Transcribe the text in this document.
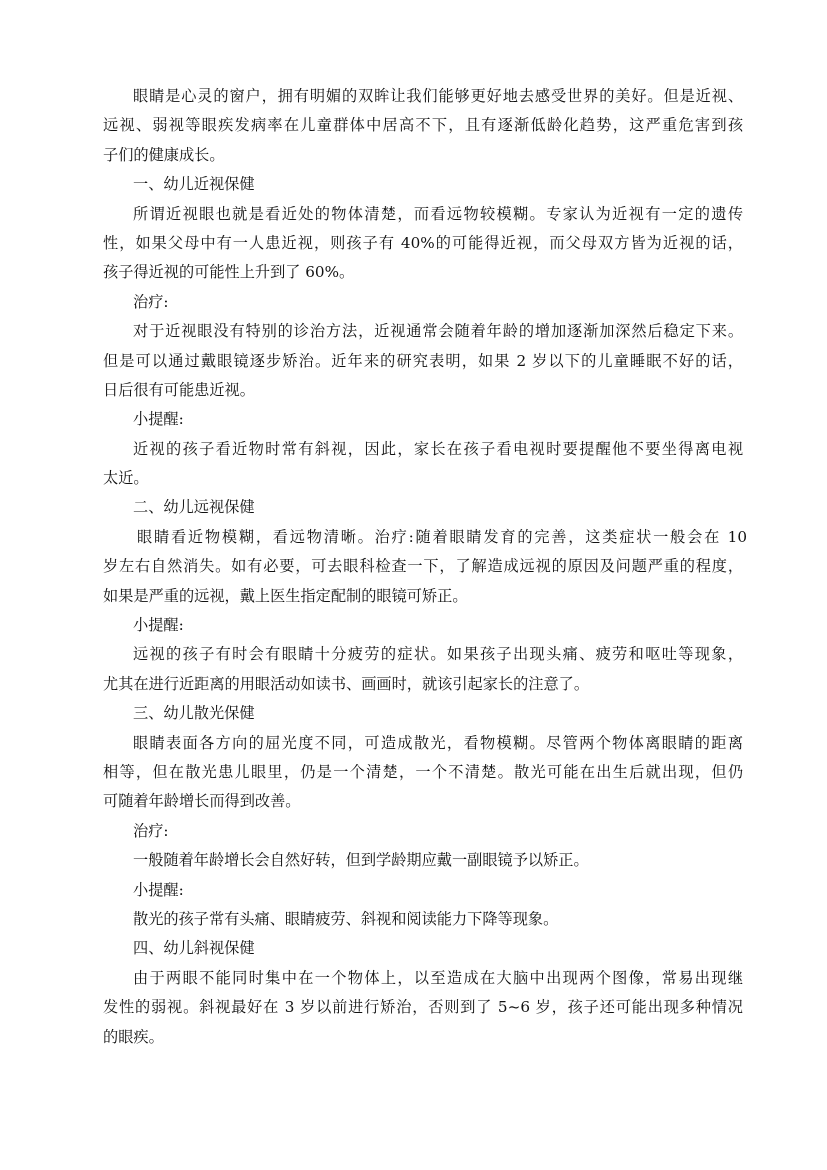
眼睛是心灵的窗户，拥有明媚的双眸让我们能够更好地去感受世界的美好。但是近视、
远视、弱视等眼疾发病率在儿童群体中居高不下，且有逐渐低龄化趋势，这严重危害到孩
子们的健康成长。
一、幼儿近视保健
所谓近视眼也就是看近处的物体清楚，而看远物较模糊。专家认为近视有一定的遗传
性，如果父母中有一人患近视，则孩子有 40%的可能得近视，而父母双方皆为近视的话，
孩子得近视的可能性上升到了 60%。
治疗:
对于近视眼没有特别的诊治方法，近视通常会随着年龄的增加逐渐加深然后稳定下来。
但是可以通过戴眼镜逐步矫治。近年来的研究表明，如果 2 岁以下的儿童睡眠不好的话，
日后很有可能患近视。
小提醒:
近视的孩子看近物时常有斜视，因此，家长在孩子看电视时要提醒他不要坐得离电视
太近。
二、幼儿远视保健
眼睛看近物模糊，看远物清晰。治疗:随着眼睛发育的完善，这类症状一般会在 10
岁左右自然消失。如有必要，可去眼科检查一下，了解造成远视的原因及问题严重的程度，
如果是严重的远视，戴上医生指定配制的眼镜可矫正。
小提醒:
远视的孩子有时会有眼睛十分疲劳的症状。如果孩子出现头痛、疲劳和呕吐等现象，
尤其在进行近距离的用眼活动如读书、画画时，就该引起家长的注意了。
三、幼儿散光保健
眼睛表面各方向的屈光度不同，可造成散光，看物模糊。尽管两个物体离眼睛的距离
相等，但在散光患儿眼里，仍是一个清楚，一个不清楚。散光可能在出生后就出现，但仍
可随着年龄增长而得到改善。
治疗:
一般随着年龄增长会自然好转，但到学龄期应戴一副眼镜予以矫正。
小提醒:
散光的孩子常有头痛、眼睛疲劳、斜视和阅读能力下降等现象。
四、幼儿斜视保健
由于两眼不能同时集中在一个物体上，以至造成在大脑中出现两个图像，常易出现继
发性的弱视。斜视最好在 3 岁以前进行矫治，否则到了 5~6 岁，孩子还可能出现多种情况
的眼疾。
